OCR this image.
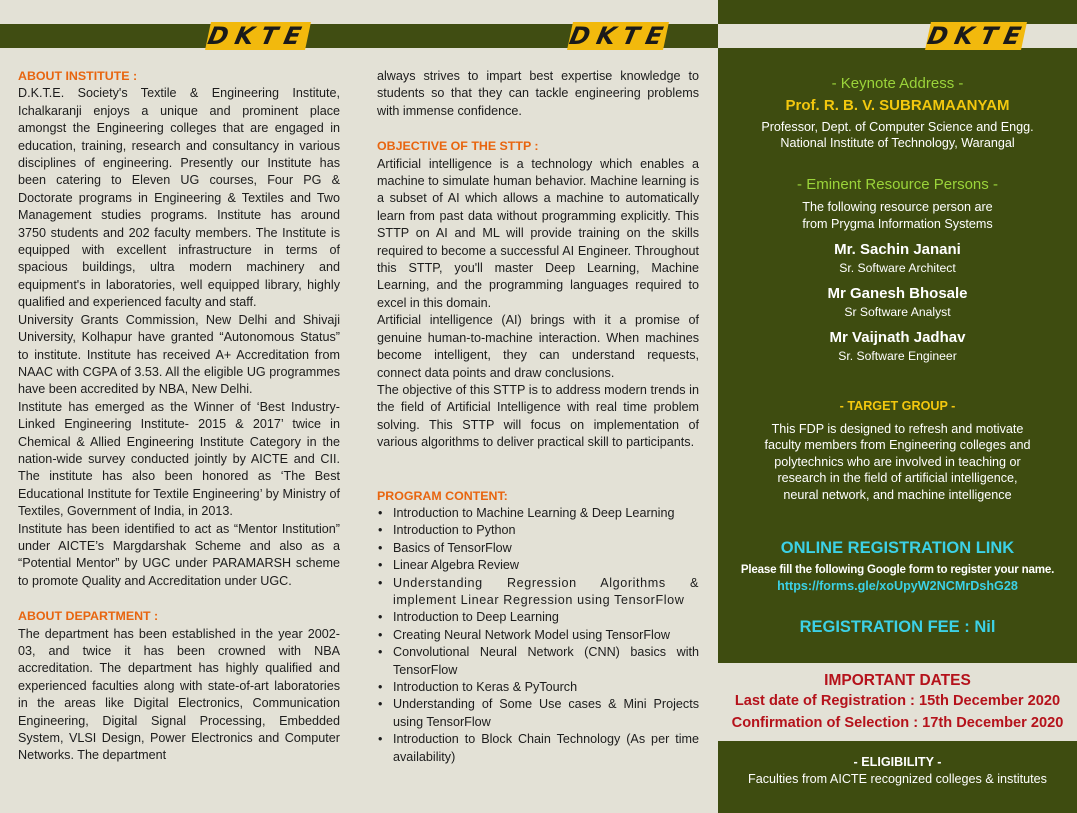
DKTE	DKTE	DKTE

ABOUT INSTITUTE :

D.K.T.E. Society's Textile & Engineering Institute, Ichalkaranji enjoys a unique and prominent place amongst the Engineering colleges that are engaged in education, training, research and consultancy in various disciplines of engineering. Presently our Institute has been catering to Eleven UG courses, Four PG & Doctorate programs in Engineering & Textiles and Two Management studies programs. Institute has around 3750 students and 202 faculty members. The Institute is equipped with excellent infrastructure in terms of spacious buildings, ultra modern machinery and equipment's in laboratories, well equipped library, highly qualified and experienced faculty and staff.

University Grants Commission, New Delhi and Shivaji University, Kolhapur have granted “Autonomous Status” to institute. Institute has received A+ Accreditation from NAAC with CGPA of 3.53. All the eligible UG programmes have been accredited by NBA, New Delhi.

Institute has emerged as the Winner of ‘Best Industry-Linked Engineering Institute- 2015 & 2017’ twice in Chemical & Allied Engineering Institute Category in the nation-wide survey conducted jointly by AICTE and CII. The institute has also been honored as ‘The Best Educational Institute for Textile Engineering’ by Ministry of Textiles, Government of India, in 2013.

Institute has been identified to act as “Mentor Institution” under AICTE’s Margdarshak Scheme and also as a “Potential Mentor” by UGC under PARAMARSH scheme to promote Quality and Accreditation under UGC.

ABOUT DEPARTMENT :

The department has been established in the year 2002-03, and twice it has been crowned with NBA accreditation. The department has highly qualified and experienced faculties along with state-of-art laboratories in the areas like Digital Electronics, Communication Engineering, Digital Signal Processing, Embedded System, VLSI Design, Power Electronics and Computer Networks. The department

always strives to impart best expertise knowledge to students so that they can tackle engineering problems with immense confidence.

OBJECTIVE OF THE STTP :

Artificial intelligence is a technology which enables a machine to simulate human behavior. Machine learning is a subset of AI which allows a machine to automatically learn from past data without programming explicitly. This STTP on AI and ML will provide training on the skills required to become a successful AI Engineer. Throughout this STTP, you'll master Deep Learning, Machine Learning, and the programming languages required to excel in this domain.

Artificial intelligence (AI) brings with it a promise of genuine human-to-machine interaction. When machines become intelligent, they can understand requests, connect data points and draw conclusions.

The objective of this STTP is to address modern trends in the field of Artificial Intelligence with real time problem solving. This STTP will focus on implementation of various algorithms to deliver practical skill to participants.

PROGRAM CONTENT:

• Introduction to Machine Learning & Deep Learning
• Introduction to Python
• Basics of TensorFlow
• Linear Algebra Review
• Understanding Regression Algorithms & implement Linear Regression using TensorFlow
• Introduction to Deep Learning
• Creating Neural Network Model using TensorFlow
• Convolutional Neural Network (CNN) basics with TensorFlow
• Introduction to Keras & PyTourch
• Understanding of Some Use cases & Mini Projects using TensorFlow
• Introduction to Block Chain Technology (As per time availability)
- Keynote Address -
Prof. R. B. V. SUBRAMAANYAM
Professor, Dept. of Computer Science and Engg.
National Institute of Technology, Warangal
- Eminent Resource Persons -
The following resource person are
from Prygma Information Systems
Mr. Sachin Janani
Sr. Software Architect
Mr Ganesh Bhosale
Sr Software Analyst
Mr Vaijnath Jadhav
Sr. Software Engineer
- TARGET GROUP -
This FDP is designed to refresh and motivate
faculty members from Engineering colleges and
polytechnics who are involved in teaching or
research in the field of artificial intelligence,
neural network, and machine intelligence
ONLINE REGISTRATION LINK
Please fill the following Google form to register your name.
https://forms.gle/xoUpyW2NCMrDshG28
REGISTRATION FEE : Nil
IMPORTANT DATES
Last date of Registration : 15th December 2020
Confirmation of Selection : 17th December 2020
- ELIGIBILITY -
Faculties from AICTE recognized colleges & institutes
